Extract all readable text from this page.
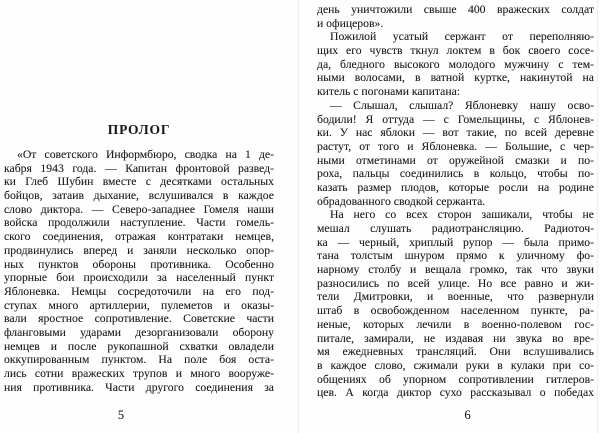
ПРОЛОГ
«От советского Информбюро, сводка на 1 де-
кабря 1943 года. — Капитан фронтовой развед-
ки Глеб Шубин вместе с десятками остальных
бойцов, затаив дыхание, вслушивался в каждое
слово диктора. — Северо-западнее Гомеля наши
войска продолжили наступление. Части гомель-
ского соединения, отражая контратаки немцев,
продвинулись вперед и заняли несколько опор-
ных пунктов обороны противника. Особенно
упорные бои происходили за населенный пункт
Яблоневка. Немцы сосредоточили на его под-
ступах много артиллерии, пулеметов и оказы-
вали яростное сопротивление. Советские части
фланговыми ударами дезорганизовали оборону
немцев и после рукопашной схватки овладели
оккупированным пунктом. На поле боя оста-
лись сотни вражеских трупов и много вооруже-
ния противника. Части другого соединения за
5
день уничтожили свыше 400 вражеских солдат
и офицеров».
Пожилой усатый сержант от переполняю-
щих его чувств ткнул локтем в бок своего сосе-
да, бледного высокого молодого мужчину с тем-
ными волосами, в ватной куртке, накинутой на
китель с погонами капитана:
— Слышал, слышал? Яблоневку нашу осво-
бодили! Я оттуда — с Гомельщины, с Яблонев-
ки. У нас яблоки — вот такие, по всей деревне
растут, от того и Яблоневка. — Большие, с чер-
ными отметинами от оружейной смазки и по-
роха, пальцы соединились в кольцо, чтобы по-
казать размер плодов, которые росли на родине
обрадованного сводкой сержанта.
На него со всех сторон зашикали, чтобы не
мешал слушать радиотрансляцию. Радиоточ-
ка — черный, хриплый рупор — была примо-
тана толстым шнуром прямо к уличному фо-
нарному столбу и вещала громко, так что звуки
разносились по всей улице. Но все равно и жи-
тели Дмитровки, и военные, что развернули
штаб в освобожденном населенном пункте, ра-
неные, которых лечили в военно-полевом гос-
питале, замирали, не издавая ни звука во вре-
мя ежедневных трансляций. Они вслушивались
в каждое слово, сжимали руки в кулаки при со-
общениях об упорном сопротивлении гитлеров-
цев. А когда диктор сухо рассказывал о победах
6
